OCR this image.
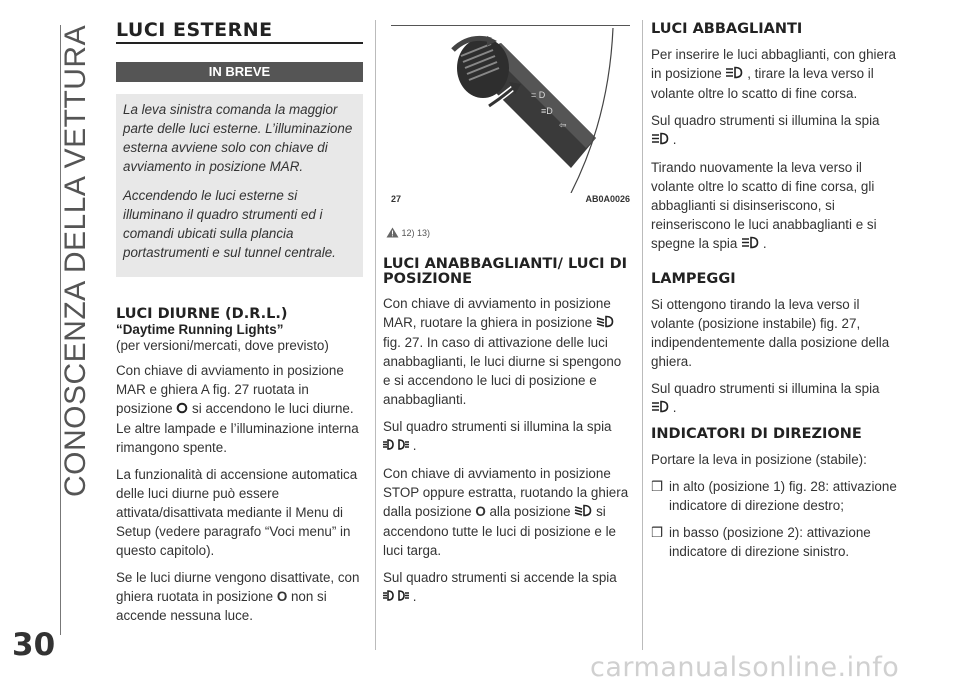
CONOSCENZA DELLA VETTURA
30
LUCI ESTERNE
IN BREVE

La leva sinistra comanda la maggior parte delle luci esterne. L’illuminazione esterna avviene solo con chiave di avviamento in posizione MAR.

Accendendo le luci esterne si illuminano il quadro strumenti ed i comandi ubicati sulla plancia portastrumenti e sul tunnel centrale.

LUCI DIURNE (D.R.L.)
“Daytime Running Lights”
(per versioni/mercati, dove previsto)

Con chiave di avviamento in posizione MAR e ghiera A fig. 27 ruotata in posizione si accendono le luci diurne. Le altre lampade e l’illuminazione interna rimangono spente.

La funzionalità di accensione automatica delle luci diurne può essere attivata/disattivata mediante il Menu di Setup (vedere paragrafo “Voci menu” in questo capitolo).

Se le luci diurne vengono disattivate, con ghiera ruotata in posizione O non si accende nessuna luce.

= D
≡D
⇦
27	AB0A0026
12) 13)
LUCI ANABBAGLIANTI/ LUCI DI POSIZIONE

Con chiave di avviamento in posizione MAR, ruotare la ghiera in posizione  fig. 27. In caso di attivazione delle luci anabbaglianti, le luci diurne si spengono e si accendono le luci di posizione e anabbaglianti.

Sul quadro strumenti si illumina la spia  .

Con chiave di avviamento in posizione STOP oppure estratta, ruotando la ghiera dalla posizione O alla posizione si accendono tutte le luci di posizione e le luci targa.

Sul quadro strumenti si accende la spia  .

LUCI ABBAGLIANTI

Per inserire le luci abbaglianti, con ghiera in posizione , tirare la leva verso il volante oltre lo scatto di fine corsa.

Sul quadro strumenti si illumina la spia  .

Tirando nuovamente la leva verso il volante oltre lo scatto di fine corsa, gli abbaglianti si disinseriscono, si reinseriscono le luci anabbaglianti e si spegne la spia .

LAMPEGGI

Si ottengono tirando la leva verso il volante (posizione instabile) fig. 27, indipendentemente dalla posizione della ghiera.

Sul quadro strumenti si illumina la spia  .

INDICATORI DI DIREZIONE

Portare la leva in posizione (stabile):

❒ in alto (posizione 1) fig. 28: attivazione indicatore di direzione destro;
❒ in basso (posizione 2): attivazione indicatore di direzione sinistro.
carmanualsonline.info
